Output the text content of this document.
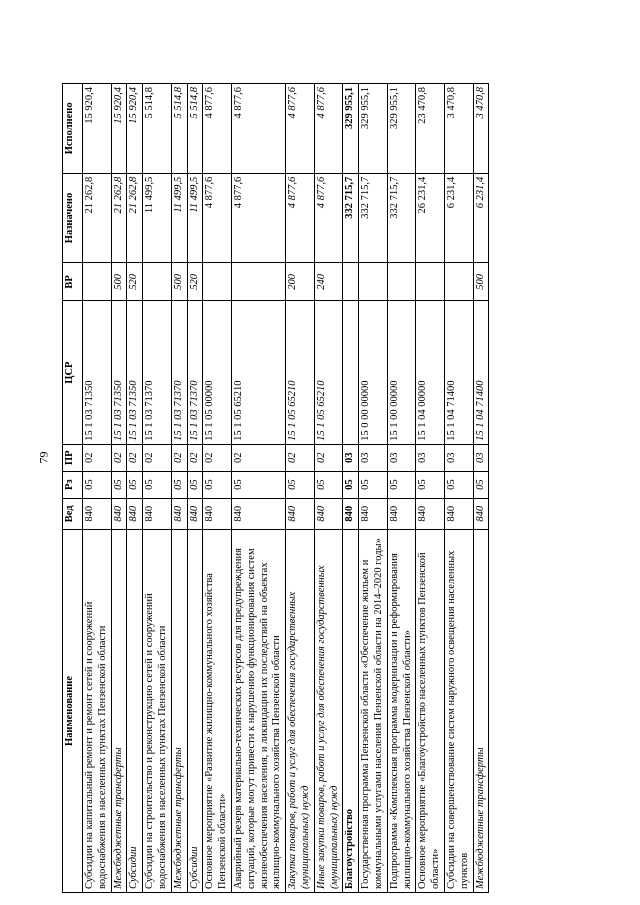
79
Наименование	Вед	Рз	ПР	ЦСР	ВР	Назначено	Исполнено
Субсидии на капитальный ремонт и ремонт сетей и сооружений водоснабжения в населенных пунктах Пензенской области	840	05	02	15 1 03 71350		21 262,8	15 920,4
Межбюджетные трансферты	840	05	02	15 1 03 71350	500	21 262,8	15 920,4
Субсидии	840	05	02	15 1 03 71350	520	21 262,8	15 920,4
Субсидии на строительство и реконструкцию сетей и сооружений водоснабжения в населенных пунктах Пензенской области	840	05	02	15 1 03 71370		11 499,5	5 514,8
Межбюджетные трансферты	840	05	02	15 1 03 71370	500	11 499,5	5 514,8
Субсидии	840	05	02	15 1 03 71370	520	11 499,5	5 514,8
Основное мероприятие «Развитие жилищно-коммунального хозяйства Пензенской области»	840	05	02	15 1 05 00000		4 877,6	4 877,6
Аварийный резерв материально-технических ресурсов для предупреждения ситуаций, которые могут привести к нарушению функционирования систем жизнеобеспечения населения, и ликвидации их последствий на объектах жилищно-коммунального хозяйства Пензенской области	840	05	02	15 1 05 65210		4 877,6	4 877,6
Закупка товаров, работ и услуг для обеспечения государственных (муниципальных) нужд	840	05	02	15 1 05 65210	200	4 877,6	4 877,6
Иные закупки товаров, работ и услуг для обеспечения государственных (муниципальных) нужд	840	05	02	15 1 05 65210	240	4 877,6	4 877,6
Благоустройство	840	05	03			332 715,7	329 955,1
Государственная программа Пензенской области «Обеспечение жильем и коммунальными услугами населения Пензенской области на 2014–2020 годы»	840	05	03	15 0 00 00000		332 715,7	329 955,1
Подпрограмма «Комплексная программа модернизации и реформирования жилищно-коммунального хозяйства Пензенской области»	840	05	03	15 1 00 00000		332 715,7	329 955,1
Основное мероприятие «Благоустройство населенных пунктов Пензенской области»	840	05	03	15 1 04 00000		26 231,4	23 470,8
Субсидии на совершенствование систем наружного освещения населенных пунктов	840	05	03	15 1 04 71400		6 231,4	3 470,8
Межбюджетные трансферты	840	05	03	15 1 04 71400	500	6 231,4	3 470,8
